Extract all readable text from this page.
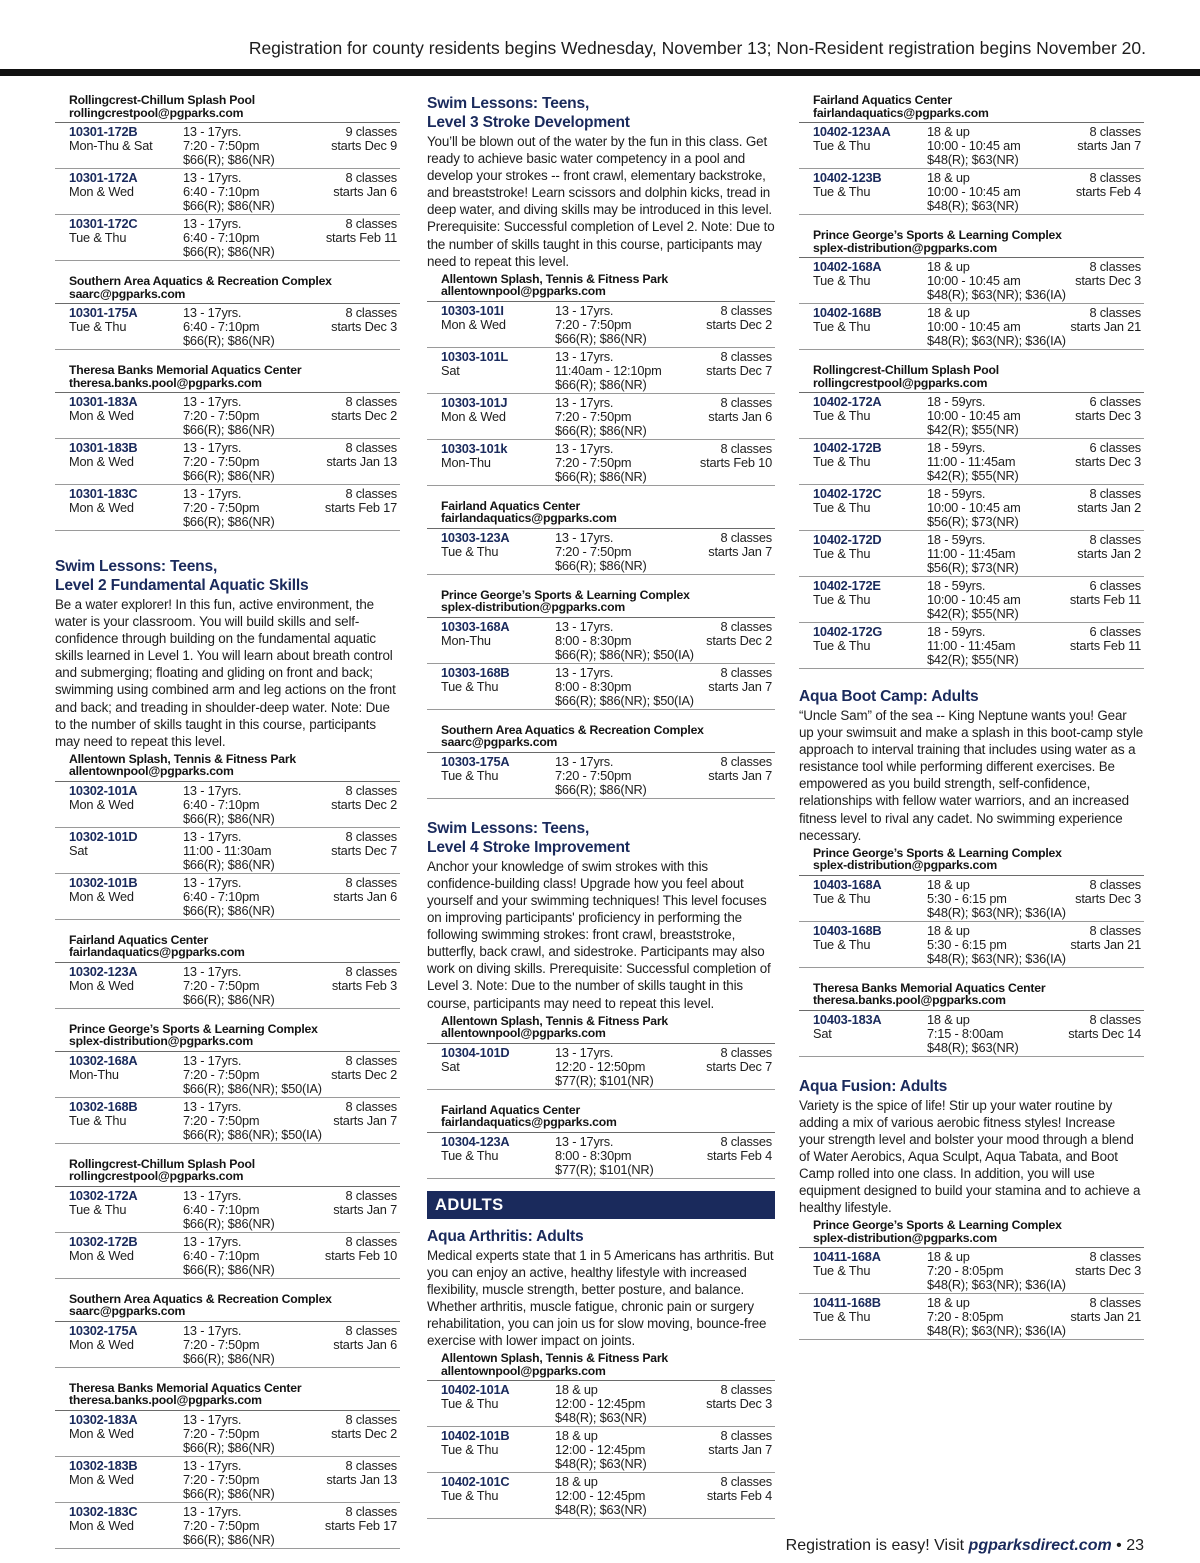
Registration for county residents begins Wednesday, November 13; Non-Resident registration begins November 20.
Rollingcrest-Chillum Splash Pool
rollingcrestpool@pgparks.com
10301-172B
Mon-Thu & Sat
13 - 17yrs.
7:20 - 7:50pm
$66(R); $86(NR)
9 classes
starts Dec 9
10301-172A
Mon & Wed
13 - 17yrs.
6:40 - 7:10pm
$66(R); $86(NR)
8 classes
starts Jan 6
10301-172C
Tue & Thu
13 - 17yrs.
6:40 - 7:10pm
$66(R); $86(NR)
8 classes
starts Feb 11
Southern Area Aquatics & Recreation Complex
saarc@pgparks.com
10301-175A
Tue & Thu
13 - 17yrs.
6:40 - 7:10pm
$66(R); $86(NR)
8 classes
starts Dec 3
Theresa Banks Memorial Aquatics Center
theresa.banks.pool@pgparks.com
10301-183A
Mon & Wed
13 - 17yrs.
7:20 - 7:50pm
$66(R); $86(NR)
8 classes
starts Dec 2
10301-183B
Mon & Wed
13 - 17yrs.
7:20 - 7:50pm
$66(R); $86(NR)
8 classes
starts Jan 13
10301-183C
Mon & Wed
13 - 17yrs.
7:20 - 7:50pm
$66(R); $86(NR)
8 classes
starts Feb 17
Swim Lessons: Teens,
Level 2 Fundamental Aquatic Skills

Be a water explorer! In this fun, active environment, the water is your classroom. You will build skills and self-confidence through building on the fundamental aquatic skills learned in Level 1. You will learn about breath control and submerging; floating and gliding on front and back; swimming using combined arm and leg actions on the front and back; and treading in shoulder-deep water. Note: Due to the number of skills taught in this course, participants may need to repeat this level.

Allentown Splash, Tennis & Fitness Park
allentownpool@pgparks.com
10302-101A
Mon & Wed
13 - 17yrs.
6:40 - 7:10pm
$66(R); $86(NR)
8 classes
starts Dec 2
10302-101D
Sat
13 - 17yrs.
11:00 - 11:30am
$66(R); $86(NR)
8 classes
starts Dec 7
10302-101B
Mon & Wed
13 - 17yrs.
6:40 - 7:10pm
$66(R); $86(NR)
8 classes
starts Jan 6
Fairland Aquatics Center
fairlandaquatics@pgparks.com
10302-123A
Mon & Wed
13 - 17yrs.
7:20 - 7:50pm
$66(R); $86(NR)
8 classes
starts Feb 3
Prince George’s Sports & Learning Complex
splex-distribution@pgparks.com
10302-168A
Mon-Thu
13 - 17yrs.
7:20 - 7:50pm
$66(R); $86(NR); $50(IA)
8 classes
starts Dec 2
10302-168B
Tue & Thu
13 - 17yrs.
7:20 - 7:50pm
$66(R); $86(NR); $50(IA)
8 classes
starts Jan 7
Rollingcrest-Chillum Splash Pool
rollingcrestpool@pgparks.com
10302-172A
Tue & Thu
13 - 17yrs.
6:40 - 7:10pm
$66(R); $86(NR)
8 classes
starts Jan 7
10302-172B
Mon & Wed
13 - 17yrs.
6:40 - 7:10pm
$66(R); $86(NR)
8 classes
starts Feb 10
Southern Area Aquatics & Recreation Complex
saarc@pgparks.com
10302-175A
Mon & Wed
13 - 17yrs.
7:20 - 7:50pm
$66(R); $86(NR)
8 classes
starts Jan 6
Theresa Banks Memorial Aquatics Center
theresa.banks.pool@pgparks.com
10302-183A
Mon & Wed
13 - 17yrs.
7:20 - 7:50pm
$66(R); $86(NR)
8 classes
starts Dec 2
10302-183B
Mon & Wed
13 - 17yrs.
7:20 - 7:50pm
$66(R); $86(NR)
8 classes
starts Jan 13
10302-183C
Mon & Wed
13 - 17yrs.
7:20 - 7:50pm
$66(R); $86(NR)
8 classes
starts Feb 17
Swim Lessons: Teens,
Level 3 Stroke Development

You’ll be blown out of the water by the fun in this class. Get ready to achieve basic water competency in a pool and develop your strokes -- front crawl, elementary backstroke, and breaststroke! Learn scissors and dolphin kicks, tread in deep water, and diving skills may be introduced in this level. Prerequisite: Successful completion of Level 2. Note: Due to the number of skills taught in this course, participants may need to repeat this level.

Allentown Splash, Tennis & Fitness Park
allentownpool@pgparks.com
10303-101I
Mon & Wed
13 - 17yrs.
7:20 - 7:50pm
$66(R); $86(NR)
8 classes
starts Dec 2
10303-101L
Sat
13 - 17yrs.
11:40am - 12:10pm
$66(R); $86(NR)
8 classes
starts Dec 7
10303-101J
Mon & Wed
13 - 17yrs.
7:20 - 7:50pm
$66(R); $86(NR)
8 classes
starts Jan 6
10303-101k
Mon-Thu
13 - 17yrs.
7:20 - 7:50pm
$66(R); $86(NR)
8 classes
starts Feb 10
Fairland Aquatics Center
fairlandaquatics@pgparks.com
10303-123A
Tue & Thu
13 - 17yrs.
7:20 - 7:50pm
$66(R); $86(NR)
8 classes
starts Jan 7
Prince George’s Sports & Learning Complex
splex-distribution@pgparks.com
10303-168A
Mon-Thu
13 - 17yrs.
8:00 - 8:30pm
$66(R); $86(NR); $50(IA)
8 classes
starts Dec 2
10303-168B
Tue & Thu
13 - 17yrs.
8:00 - 8:30pm
$66(R); $86(NR); $50(IA)
8 classes
starts Jan 7
Southern Area Aquatics & Recreation Complex
saarc@pgparks.com
10303-175A
Tue & Thu
13 - 17yrs.
7:20 - 7:50pm
$66(R); $86(NR)
8 classes
starts Jan 7
Swim Lessons: Teens,
Level 4 Stroke Improvement

Anchor your knowledge of swim strokes with this confidence-building class! Upgrade how you feel about yourself and your swimming techniques! This level focuses on improving participants' proficiency in performing the following swimming strokes: front crawl, breaststroke, butterfly, back crawl, and sidestroke. Participants may also work on diving skills. Prerequisite: Successful completion of Level 3. Note: Due to the number of skills taught in this course, participants may need to repeat this level.

Allentown Splash, Tennis & Fitness Park
allentownpool@pgparks.com
10304-101D
Sat
13 - 17yrs.
12:20 - 12:50pm
$77(R); $101(NR)
8 classes
starts Dec 7
Fairland Aquatics Center
fairlandaquatics@pgparks.com
10304-123A
Tue & Thu
13 - 17yrs.
8:00 - 8:30pm
$77(R); $101(NR)
8 classes
starts Feb 4
ADULTS
Aqua Arthritis: Adults

Medical experts state that 1 in 5 Americans has arthritis. But you can enjoy an active, healthy lifestyle with increased flexibility, muscle strength, better posture, and balance. Whether arthritis, muscle fatigue, chronic pain or surgery rehabilitation, you can join us for slow moving, bounce-free exercise with lower impact on joints.

Allentown Splash, Tennis & Fitness Park
allentownpool@pgparks.com
10402-101A
Tue & Thu
18 & up
12:00 - 12:45pm
$48(R); $63(NR)
8 classes
starts Dec 3
10402-101B
Tue & Thu
18 & up
12:00 - 12:45pm
$48(R); $63(NR)
8 classes
starts Jan 7
10402-101C
Tue & Thu
18 & up
12:00 - 12:45pm
$48(R); $63(NR)
8 classes
starts Feb 4
Fairland Aquatics Center
fairlandaquatics@pgparks.com
10402-123AA
Tue & Thu
18 & up
10:00 - 10:45 am
$48(R); $63(NR)
8 classes
starts Jan 7
10402-123B
Tue & Thu
18 & up
10:00 - 10:45 am
$48(R); $63(NR)
8 classes
starts Feb 4
Prince George’s Sports & Learning Complex
splex-distribution@pgparks.com
10402-168A
Tue & Thu
18 & up
10:00 - 10:45 am
$48(R); $63(NR); $36(IA)
8 classes
starts Dec 3
10402-168B
Tue & Thu
18 & up
10:00 - 10:45 am
$48(R); $63(NR); $36(IA)
8 classes
starts Jan 21
Rollingcrest-Chillum Splash Pool
rollingcrestpool@pgparks.com
10402-172A
Tue & Thu
18 - 59yrs.
10:00 - 10:45 am
$42(R); $55(NR)
6 classes
starts Dec 3
10402-172B
Tue & Thu
18 - 59yrs.
11:00 - 11:45am
$42(R); $55(NR)
6 classes
starts Dec 3
10402-172C
Tue & Thu
18 - 59yrs.
10:00 - 10:45 am
$56(R); $73(NR)
8 classes
starts Jan 2
10402-172D
Tue & Thu
18 - 59yrs.
11:00 - 11:45am
$56(R); $73(NR)
8 classes
starts Jan 2
10402-172E
Tue & Thu
18 - 59yrs.
10:00 - 10:45 am
$42(R); $55(NR)
6 classes
starts Feb 11
10402-172G
Tue & Thu
18 - 59yrs.
11:00 - 11:45am
$42(R); $55(NR)
6 classes
starts Feb 11
Aqua Boot Camp: Adults

“Uncle Sam” of the sea -- King Neptune wants you! Gear up your swimsuit and make a splash in this boot-camp style approach to interval training that includes using water as a resistance tool while performing different exercises. Be empowered as you build strength, self-confidence, relationships with fellow water warriors, and an increased fitness level to rival any cadet. No swimming experience necessary.

Prince George’s Sports & Learning Complex
splex-distribution@pgparks.com
10403-168A
Tue & Thu
18 & up
5:30 - 6:15 pm
$48(R); $63(NR); $36(IA)
8 classes
starts Dec 3
10403-168B
Tue & Thu
18 & up
5:30 - 6:15 pm
$48(R); $63(NR); $36(IA)
8 classes
starts Jan 21
Theresa Banks Memorial Aquatics Center
theresa.banks.pool@pgparks.com
10403-183A
Sat
18 & up
7:15 - 8:00am
$48(R); $63(NR)
8 classes
starts Dec 14
Aqua Fusion: Adults

Variety is the spice of life! Stir up your water routine by adding a mix of various aerobic fitness styles! Increase your strength level and bolster your mood through a blend of Water Aerobics, Aqua Sculpt, Aqua Tabata, and Boot Camp rolled into one class. In addition, you will use equipment designed to build your stamina and to achieve a healthy lifestyle.

Prince George’s Sports & Learning Complex
splex-distribution@pgparks.com
10411-168A
Tue & Thu
18 & up
7:20 - 8:05pm
$48(R); $63(NR); $36(IA)
8 classes
starts Dec 3
10411-168B
Tue & Thu
18 & up
7:20 - 8:05pm
$48(R); $63(NR); $36(IA)
8 classes
starts Jan 21
Registration is easy! Visit pgparksdirect.com • 23
